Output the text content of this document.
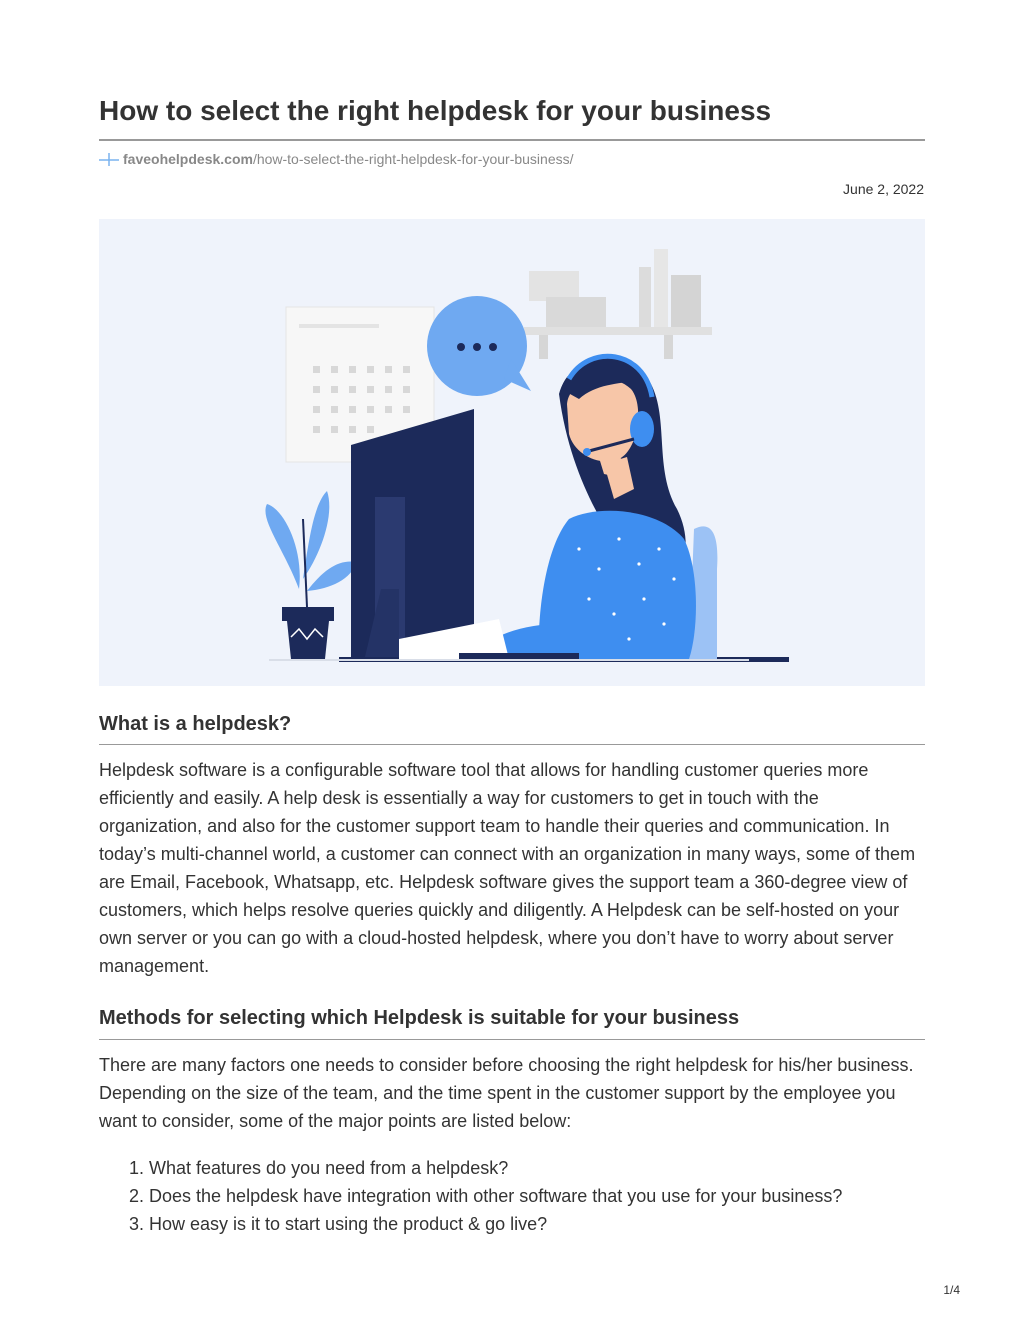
How to select the right helpdesk for your business
faveohelpdesk.com /how-to-select-the-right-helpdesk-for-your-business/
June 2, 2022
What is a helpdesk?

Helpdesk software is a configurable software tool that allows for handling customer queries more efficiently and easily. A help desk is essentially a way for customers to get in touch with the organization, and also for the customer support team to handle their queries and communication. In today’s multi-channel world, a customer can connect with an organization in many ways, some of them are Email, Facebook, Whatsapp, etc. Helpdesk software gives the support team a 360-degree view of customers, which helps resolve queries quickly and diligently. A Helpdesk can be self-hosted on your own server or you can go with a cloud-hosted helpdesk, where you don’t have to worry about server management.

Methods for selecting which Helpdesk is suitable for your business

There are many factors one needs to consider before choosing the right helpdesk for his/her business. Depending on the size of the team, and the time spent in the customer support by the employee you want to consider, some of the major points are listed below:

1. What features do you need from a helpdesk?
2. Does the helpdesk have integration with other software that you use for your business?
3. How easy is it to start using the product & go live?
1/4
